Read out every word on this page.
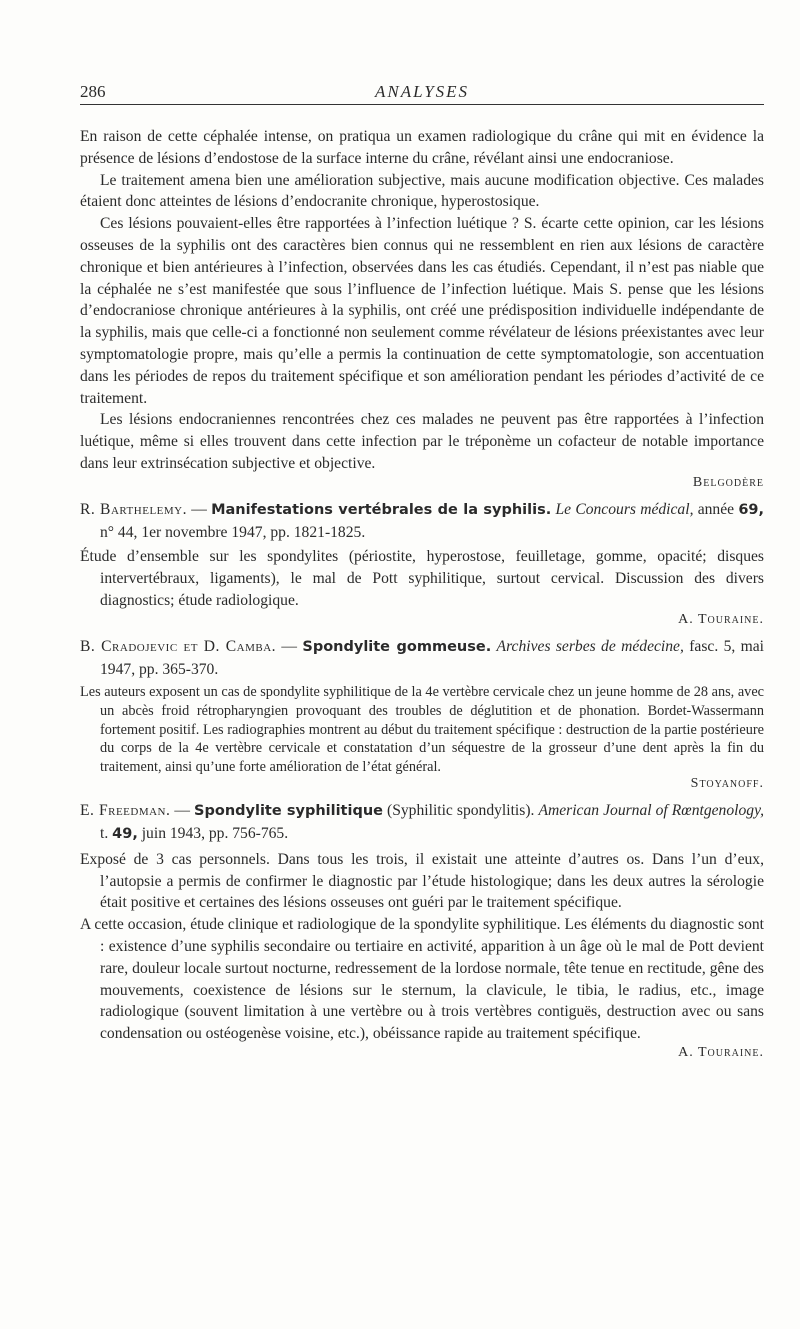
286	ANALYSES

En raison de cette céphalée intense, on pratiqua un examen radiologique du crâne qui mit en évidence la présence de lésions d’endostose de la surface interne du crâne, révélant ainsi une endocraniose.

Le traitement amena bien une amélioration subjective, mais aucune modification objective. Ces malades étaient donc atteintes de lésions d’endocranite chronique, hyperostosique.

Ces lésions pouvaient-elles être rapportées à l’infection luétique ? S. écarte cette opinion, car les lésions osseuses de la syphilis ont des caractères bien connus qui ne ressemblent en rien aux lésions de caractère chronique et bien antérieures à l’infection, observées dans les cas étudiés. Cependant, il n’est pas niable que la céphalée ne s’est manifestée que sous l’influence de l’infection luétique. Mais S. pense que les lésions d’endocraniose chronique antérieures à la syphilis, ont créé une prédisposition individuelle indépendante de la syphilis, mais que celle-ci a fonctionné non seulement comme révélateur de lésions préexistantes avec leur symptomatologie propre, mais qu’elle a permis la continuation de cette symptomatologie, son accentuation dans les périodes de repos du traitement spécifique et son amélioration pendant les périodes d’activité de ce traitement.

Les lésions endocraniennes rencontrées chez ces malades ne peuvent pas être rapportées à l’infection luétique, même si elles trouvent dans cette infection par le tréponème un cofacteur de notable importance dans leur extrinsécation subjective et objective.

Belgodère

R. Barthelemy. — Manifestations vertébrales de la syphilis. Le Concours médical, année 69, n° 44, 1er novembre 1947, pp. 1821-1825.

Étude d’ensemble sur les spondylites (périostite, hyperostose, feuilletage, gomme, opacité; disques intervertébraux, ligaments), le mal de Pott syphilitique, surtout cervical. Discussion des divers diagnostics; étude radiologique.

A. Touraine.

B. Cradojevic et D. Camba. — Spondylite gommeuse. Archives serbes de médecine, fasc. 5, mai 1947, pp. 365-370.

Les auteurs exposent un cas de spondylite syphilitique de la 4e vertèbre cervicale chez un jeune homme de 28 ans, avec un abcès froid rétropharyngien provoquant des troubles de déglutition et de phonation. Bordet-Wassermann fortement positif. Les radiographies montrent au début du traitement spécifique : destruction de la partie postérieure du corps de la 4e vertèbre cervicale et constatation d’un séquestre de la grosseur d’une dent après la fin du traitement, ainsi qu’une forte amélioration de l’état général.

Stoyanoff.

E. Freedman. — Spondylite syphilitique (Syphilitic spondylitis). American Journal of Rœntgenology, t. 49, juin 1943, pp. 756-765.

Exposé de 3 cas personnels. Dans tous les trois, il existait une atteinte d’autres os. Dans l’un d’eux, l’autopsie a permis de confirmer le diagnostic par l’étude histologique; dans les deux autres la sérologie était positive et certaines des lésions osseuses ont guéri par le traitement spécifique.

A cette occasion, étude clinique et radiologique de la spondylite syphilitique. Les éléments du diagnostic sont : existence d’une syphilis secondaire ou tertiaire en activité, apparition à un âge où le mal de Pott devient rare, douleur locale surtout nocturne, redressement de la lordose normale, tête tenue en rectitude, gêne des mouvements, coexistence de lésions sur le sternum, la clavicule, le tibia, le radius, etc., image radiologique (souvent limitation à une vertèbre ou à trois vertèbres contiguës, destruction avec ou sans condensation ou ostéogenèse voisine, etc.), obéissance rapide au traitement spécifique.

A. Touraine.
